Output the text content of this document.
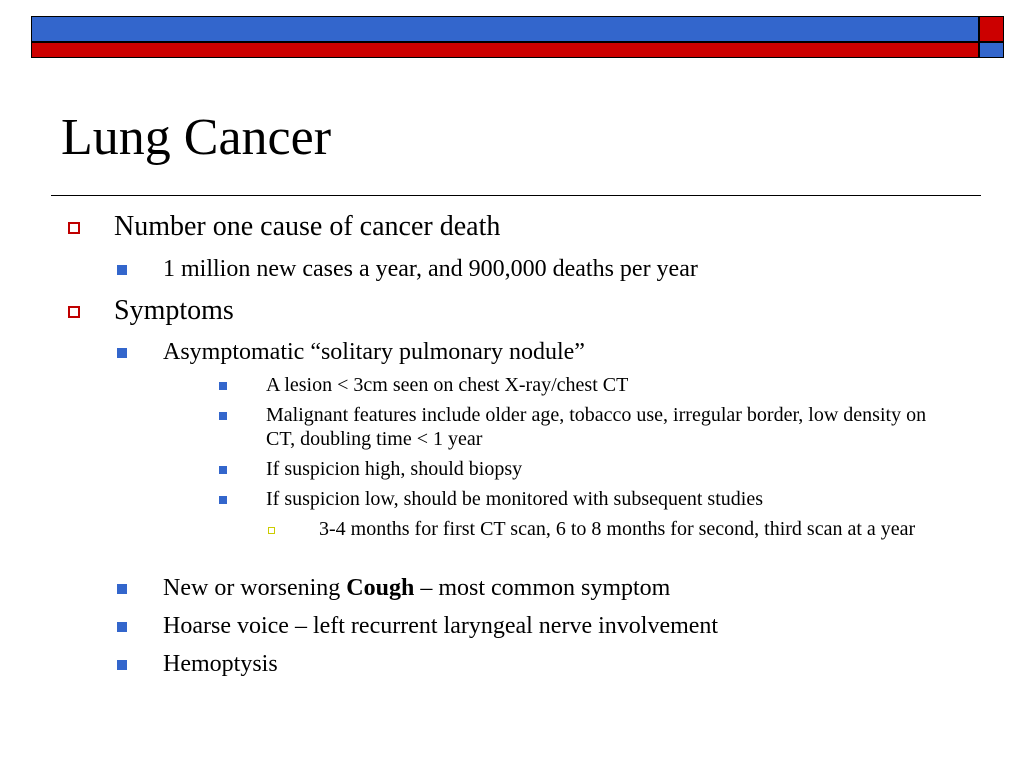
Lung Cancer
Number one cause of cancer death
1 million new cases a year, and 900,000 deaths per year
Symptoms
Asymptomatic “solitary pulmonary nodule”
A lesion < 3cm seen on chest X-ray/chest CT
Malignant features include older age, tobacco use, irregular border, low density on CT, doubling time < 1 year
If suspicion high, should biopsy
If suspicion low, should be monitored with subsequent studies
3-4 months for first CT scan, 6 to 8 months for second, third scan at a year
New or worsening Cough – most common symptom
Hoarse voice – left recurrent laryngeal nerve involvement
Hemoptysis
